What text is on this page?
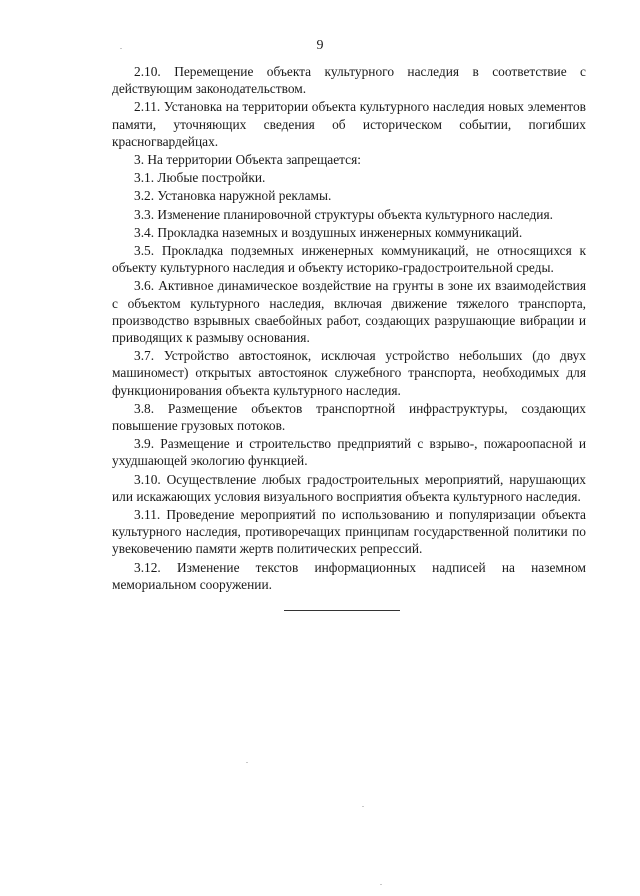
9

2.10. Перемещение объекта культурного наследия в соответствие с действующим законодательством.

2.11. Установка на территории объекта культурного наследия новых элементов памяти, уточняющих сведения об историческом событии, погибших красногвардейцах.

3. На территории Объекта запрещается:

3.1. Любые постройки.

3.2. Установка наружной рекламы.

3.3. Изменение планировочной структуры объекта культурного наследия.

3.4. Прокладка наземных и воздушных инженерных коммуникаций.

3.5. Прокладка подземных инженерных коммуникаций, не относящихся к объекту культурного наследия и объекту историко-градостроительной среды.

3.6. Активное динамическое воздействие на грунты в зоне их взаимодействия с объектом культурного наследия, включая движение тяжелого транспорта, производство взрывных сваебойных работ, создающих разрушающие вибрации и приводящих к размыву основания.

3.7. Устройство автостоянок, исключая устройство небольших (до двух машиномест) открытых автостоянок служебного транспорта, необходимых для функционирования объекта культурного наследия.

3.8. Размещение объектов транспортной инфраструктуры, создающих повышение грузовых потоков.

3.9. Размещение и строительство предприятий с взрыво-, пожароопасной и ухудшающей экологию функцией.

3.10. Осуществление любых градостроительных мероприятий, нарушающих или искажающих условия визуального восприятия объекта культурного наследия.

3.11. Проведение мероприятий по использованию и популяризации объекта культурного наследия, противоречащих принципам государственной политики по увековечению памяти жертв политических репрессий.

3.12. Изменение текстов информационных надписей на наземном мемориальном сооружении.
